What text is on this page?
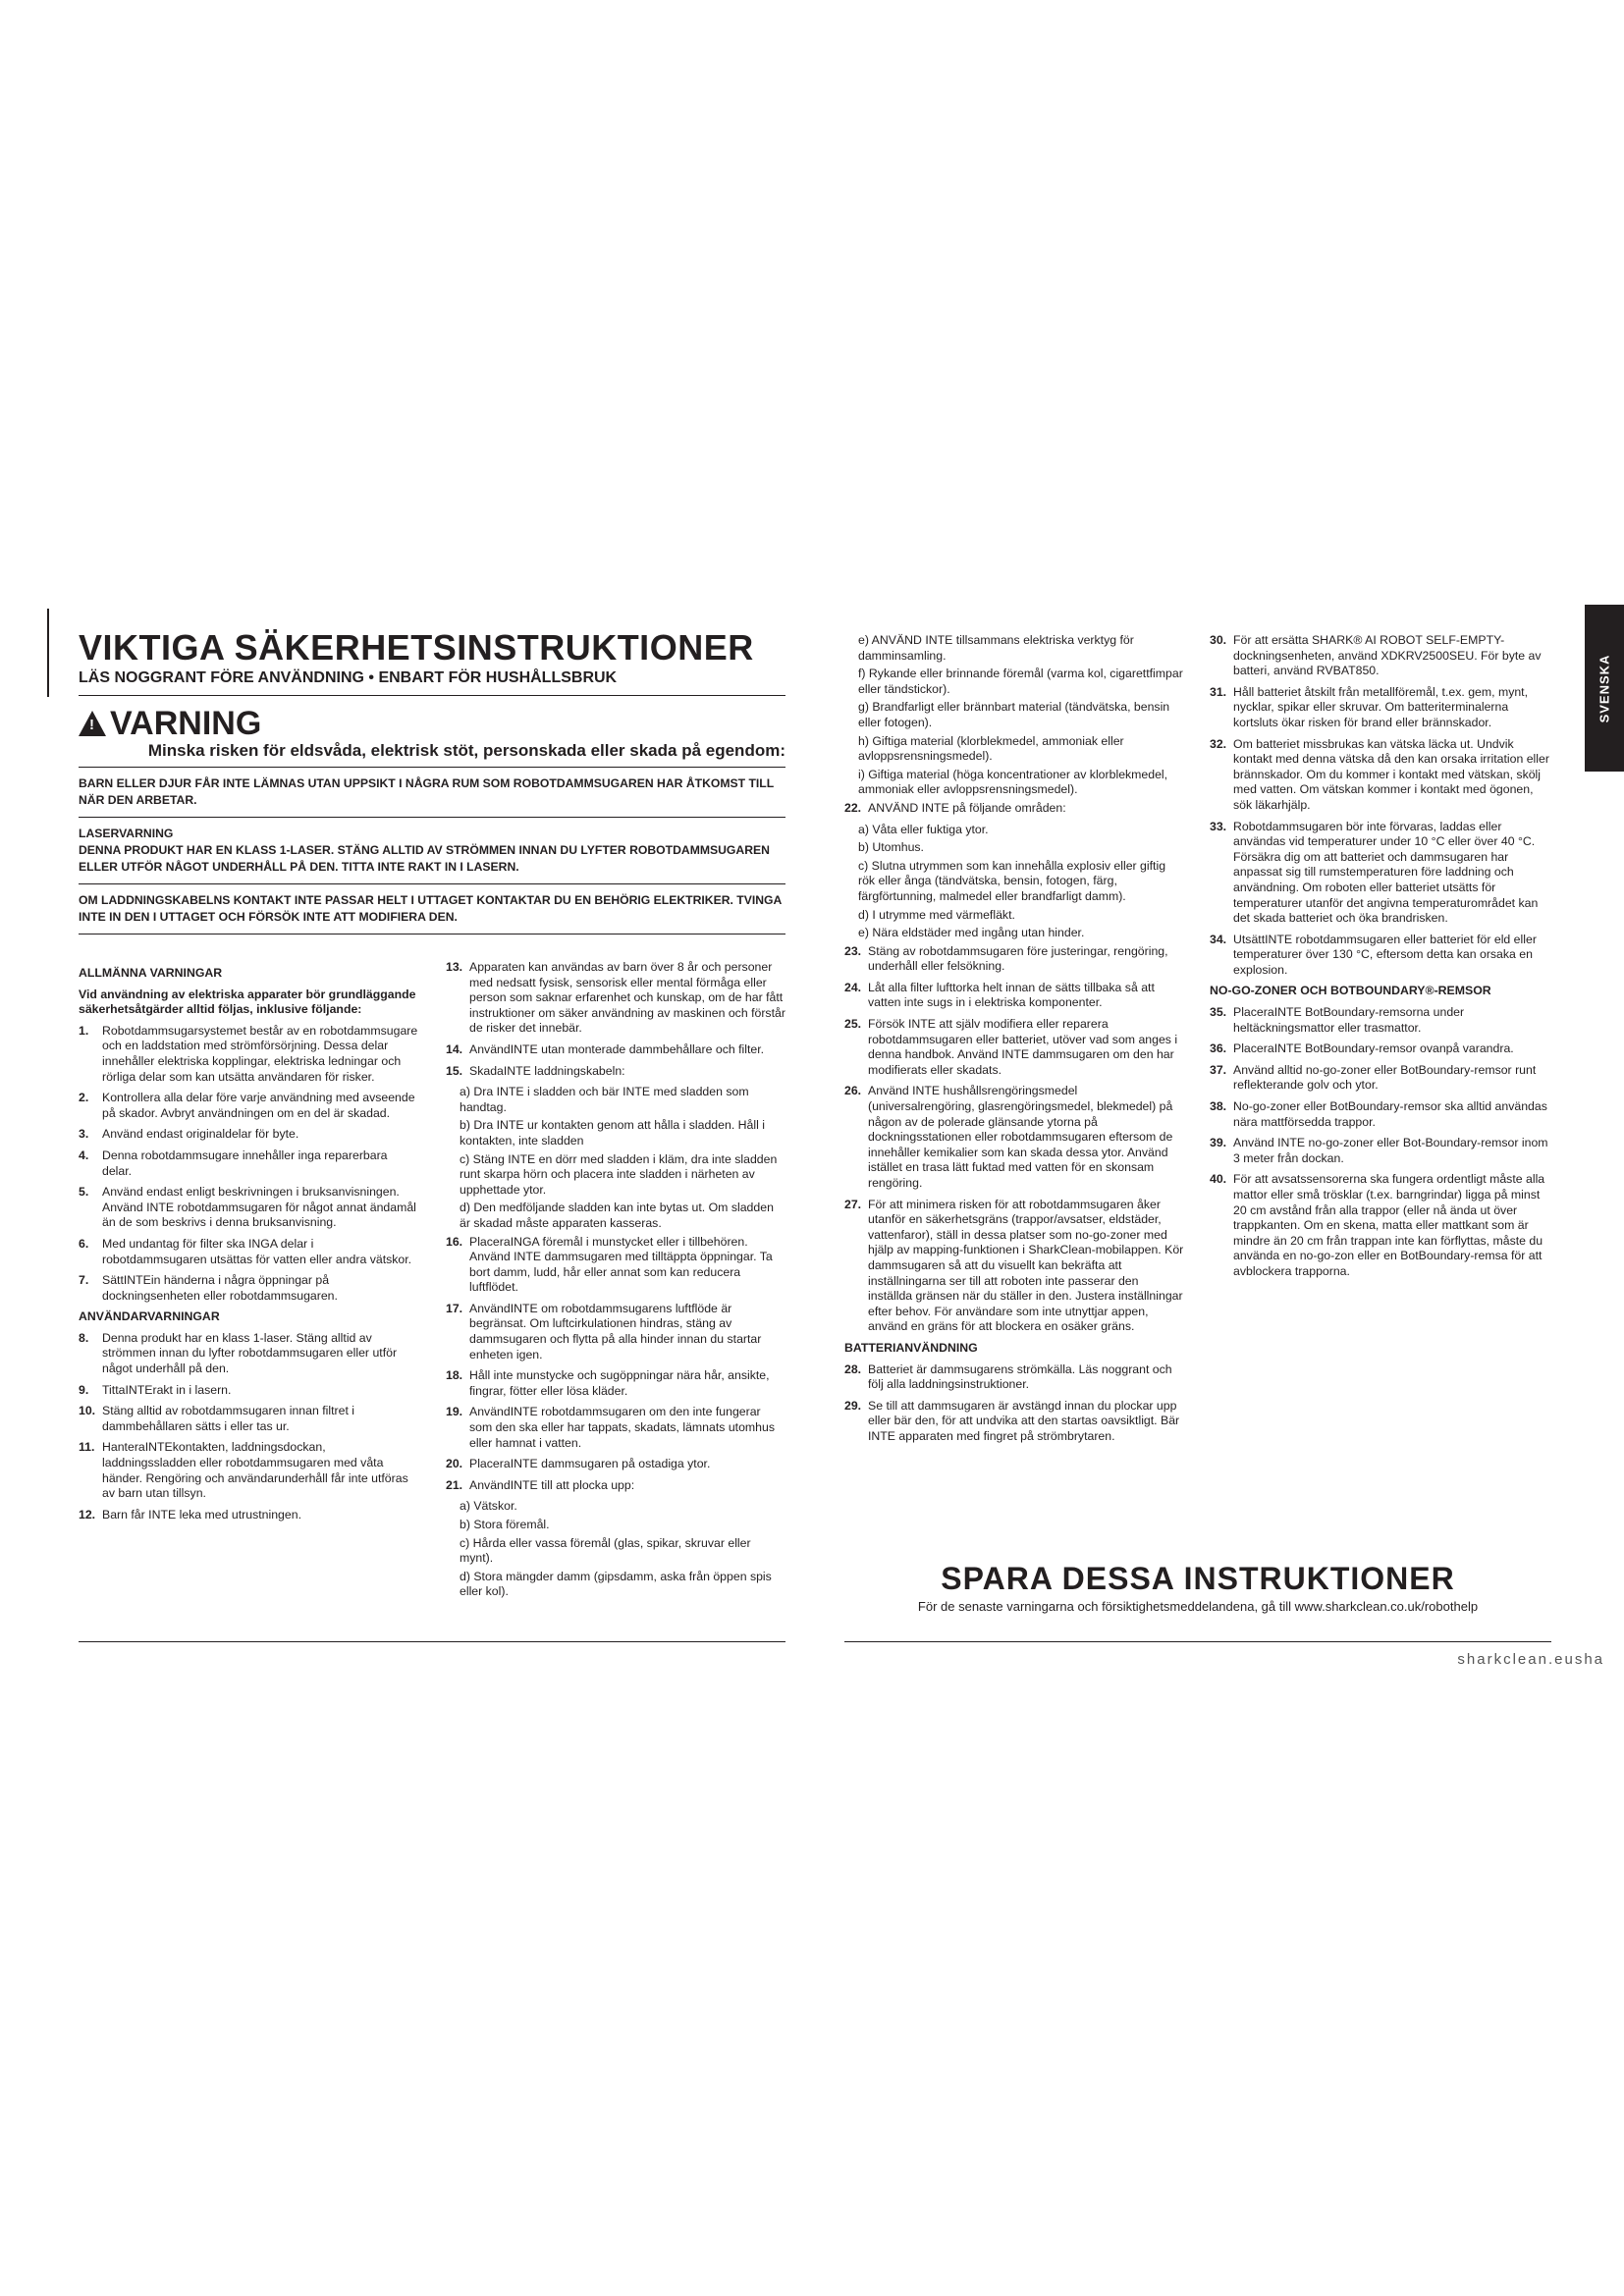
VIKTIGA SÄKERHETSINSTRUKTIONER
LÄS NOGGRANT FÖRE ANVÄNDNING • ENBART FÖR HUSHÅLLSBRUK
! VARNING
Minska risken för eldsvåda, elektrisk stöt, personskada eller skada på egendom:
BARN ELLER DJUR FÅR INTE LÄMNAS UTAN UPPSIKT I NÅGRA RUM SOM ROBOTDAMMSUGAREN HAR ÅTKOMST TILL NÄR DEN ARBETAR.
LASERVARNING
DENNA PRODUKT HAR EN KLASS 1-LASER. STÄNG ALLTID AV STRÖMMEN INNAN DU LYFTER ROBOTDAMMSUGAREN ELLER UTFÖR NÅGOT UNDERHÅLL PÅ DEN. TITTA INTE RAKT IN I LASERN.
OM LADDNINGSKABELNS KONTAKT INTE PASSAR HELT I UTTAGET KONTAKTAR DU EN BEHÖRIG ELEKTRIKER. TVINGA INTE IN DEN I UTTAGET OCH FÖRSÖK INTE ATT MODIFIERA DEN.
ALLMÄNNA VARNINGAR
Vid användning av elektriska apparater bör grundläggande säkerhetsåtgärder alltid följas, inklusive följande:
1.	Robotdammsugarsystemet består av en robotdammsugare och en laddstation med strömförsörjning. Dessa delar innehåller elektriska kopplingar, elektriska ledningar och rörliga delar som kan utsätta användaren för risker.
2.	Kontrollera alla delar före varje användning med avseende på skador. Avbryt användningen om en del är skadad.
3.	Använd endast originaldelar för byte.
4.	Denna robotdammsugare innehåller inga reparerbara delar.
5.	Använd endast enligt beskrivningen i bruksanvisningen. Använd INTE robotdammsugaren för något annat ändamål än de som beskrivs i denna bruksanvisning.
6.	Med undantag för filter ska INGA delar i robotdammsugaren utsättas för vatten eller andra vätskor.
7.	SättINTEin händerna i några öppningar på dockningsenheten eller robotdammsugaren.
ANVÄNDARVARNINGAR
8.	Denna produkt har en klass 1-laser. Stäng alltid av strömmen innan du lyfter robotdammsugaren eller utför något underhåll på den.
9.	TittaINTErakt in i lasern.
10. Stäng alltid av robotdammsugaren innan filtret i dammbehållaren sätts i eller tas ur.
11. HanteraINTEkontakten, laddningsdockan, laddningssladden eller robotdammsugaren med våta händer. Rengöring och användarunderhåll får inte utföras av barn utan tillsyn.
12. Barn får INTE leka med utrustningen.
13. Apparaten kan användas av barn över 8 år och personer med nedsatt fysisk, sensorisk eller mental förmåga eller person som saknar erfarenhet och kunskap, om de har fått instruktioner om säker användning av maskinen och förstår de risker det innebär.
14. AnvändINTE utan monterade dammbehållare och filter.
15. SkadaINTE laddningskabeln:
a) Dra INTE i sladden och bär INTE med sladden som handtag.
b) Dra INTE ur kontakten genom att hålla i sladden. Håll i kontakten, inte sladden
c) Stäng INTE en dörr med sladden i kläm, dra inte sladden runt skarpa hörn och placera inte sladden i närheten av upphettade ytor.
d) Den medföljande sladden kan inte bytas ut. Om sladden är skadad måste apparaten kasseras.
16. PlaceraINGA föremål i munstycket eller i tillbehören. Använd INTE dammsugaren med tilltäppta öppningar. Ta bort damm, ludd, hår eller annat som kan reducera luftflödet.
17. AnvändINTE om robotdammsugarens luftflöde är begränsat. Om luftcirkulationen hindras, stäng av dammsugaren och flytta på alla hinder innan du startar enheten igen.
18. Håll inte munstycke och sugöppningar nära hår, ansikte, fingrar, fötter eller lösa kläder.
19. AnvändINTE robotdammsugaren om den inte fungerar som den ska eller har tappats, skadats, lämnats utomhus eller hamnat i vatten.
20. PlaceraINTE dammsugaren på ostadiga ytor.
21. AnvändINTE till att plocka upp:
a) Vätskor.
b) Stora föremål.
c) Hårda eller vassa föremål (glas, spikar, skruvar eller mynt).
d) Stora mängder damm (gipsdamm, aska från öppen spis eller kol).
SVENSKA
e) ANVÄND INTE tillsammans elektriska verktyg för damminsamling.
f) Rykande eller brinnande föremål (varma kol, cigarettfimpar eller tändstickor).
g) Brandfarligt eller brännbart material (tändvätska, bensin eller fotogen).
h) Giftiga material (klorblekmedel, ammoniak eller avloppsrensningsmedel).
i) Giftiga material (höga koncentrationer av klorblekmedel, ammoniak eller avloppsrensningsmedel).
22. ANVÄND INTE på följande områden:
a) Våta eller fuktiga ytor.
b) Utomhus.
c) Slutna utrymmen som kan innehålla explosiv eller giftig rök eller ånga (tändvätska, bensin, fotogen, färg, färgförtunning, malmedel eller brandfarligt damm).
d) I utrymme med värmefläkt.
e) Nära eldstäder med ingång utan hinder.
23. Stäng av robotdammsugaren före justeringar, rengöring, underhåll eller felsökning.
24. Låt alla filter lufttorka helt innan de sätts tillbaka så att vatten inte sugs in i elektriska komponenter.
25. Försök INTE att själv modifiera eller reparera robotdammsugaren eller batteriet, utöver vad som anges i denna handbok. Använd INTE dammsugaren om den har modifierats eller skadats.
26. Använd INTE hushållsrengöringsmedel (universalrengöring, glasrengöringsmedel, blekmedel) på någon av de polerade glänsande ytorna på dockningsstationen eller robotdammsugaren eftersom de innehåller kemikalier som kan skada dessa ytor. Använd istället en trasa lätt fuktad med vatten för en skonsam rengöring.
27. För att minimera risken för att robotdammsugaren åker utanför en säkerhetsgräns (trappor/avsatser, eldstäder, vattenfaror), ställ in dessa platser som no-go-zoner med hjälp av mapping-funktionen i SharkClean-mobilappen. Kör dammsugaren så att du visuellt kan bekräfta att inställningarna ser till att roboten inte passerar den inställda gränsen när du ställer in den. Justera inställningar efter behov. För användare som inte utnyttjar appen, använd en gräns för att blockera en osäker gräns.
BATTERIANVÄNDNING
28. Batteriet är dammsugarens strömkälla. Läs noggrant och följ alla laddningsinstruktioner.
29. Se till att dammsugaren är avstängd innan du plockar upp eller bär den, för att undvika att den startas oavsiktligt. Bär INTE apparaten med fingret på strömbrytaren.
30. För att ersätta SHARK® AI ROBOT SELF-EMPTY-dockningsenheten, använd XDKRV2500SEU. För byte av batteri, använd RVBAT850.
31. Håll batteriet åtskilt från metallföremål, t.ex. gem, mynt, nycklar, spikar eller skruvar. Om batteriterminalerna kortsluts ökar risken för brand eller brännskador.
32. Om batteriet missbrukas kan vätska läcka ut. Undvik kontakt med denna vätska då den kan orsaka irritation eller brännskador. Om du kommer i kontakt med vätskan, skölj med vatten. Om vätskan kommer i kontakt med ögonen, sök läkarhjälp.
33. Robotdammsugaren bör inte förvaras, laddas eller användas vid temperaturer under 10 °C eller över 40 °C. Försäkra dig om att batteriet och dammsugaren har anpassat sig till rumstemperaturen före laddning och användning. Om roboten eller batteriet utsätts för temperaturer utanför det angivna temperaturområdet kan det skada batteriet och öka brandrisken.
34. UtsättINTE robotdammsugaren eller batteriet för eld eller temperaturer över 130 °C, eftersom detta kan orsaka en explosion.
NO-GO-ZONER OCH BOTBOUNDARY®-REMSOR
35. PlaceraINTE BotBoundary-remsorna under heltäckningsmattor eller trasmattor.
36. PlaceraINTE BotBoundary-remsor ovanpå varandra.
37. Använd alltid no-go-zoner eller BotBoundary-remsor runt reflekterande golv och ytor.
38. No-go-zoner eller BotBoundary-remsor ska alltid användas nära mattförsedda trappor.
39. Använd INTE no-go-zoner eller Bot-Boundary-remsor inom 3 meter från dockan.
40. För att avsatssensorerna ska fungera ordentligt måste alla mattor eller små trösklar (t.ex. barngrindar) ligga på minst 20 cm avstånd från alla trappor (eller nå ända ut över trappkanten. Om en skena, matta eller mattkant som är mindre än 20 cm från trappan inte kan förflyttas, måste du använda en no-go-zon eller en BotBoundary-remsa för att avblockera trapporna.
SPARA DESSA INSTRUKTIONER

För de senaste varningarna och försiktighetsmeddelandena, gå till www.sharkclean.co.uk/robothelp

sharkclean.eusha
